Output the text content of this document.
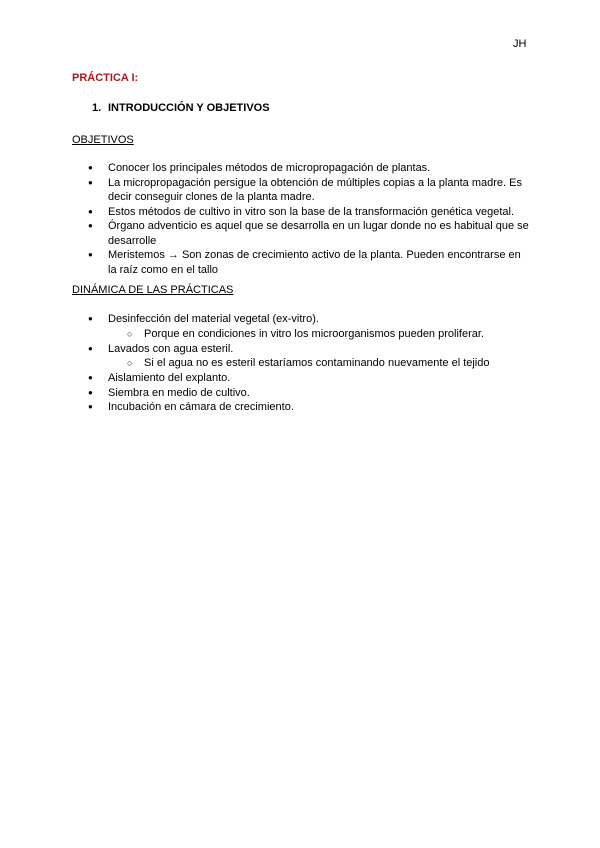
JH
PRÁCTICA I:
1. INTRODUCCIÓN Y OBJETIVOS
OBJETIVOS
● Conocer los principales métodos de micropropagación de plantas.
● La micropropagación persigue la obtención de múltiples copias a la planta madre. Es decir conseguir clones de la planta madre.
● Estos métodos de cultivo in vitro son la base de la transformación genética vegetal.
● Órgano adventicio es aquel que se desarrolla en un lugar donde no es habitual que se desarrolle
● Meristemos → Son zonas de crecimiento activo de la planta. Pueden encontrarse en la raíz como en el tallo
DINÁMICA DE LAS PRÁCTICAS
● Desinfección del material vegetal (ex-vitro).
○ Porque en condiciones in vitro los microorganismos pueden proliferar.
● Lavados con agua esteril.
○ Si el agua no es esteril estaríamos contaminando nuevamente el tejido
● Aislamiento del explanto.
● Siembra en medio de cultivo.
● Incubación en cámara de crecimiento.
